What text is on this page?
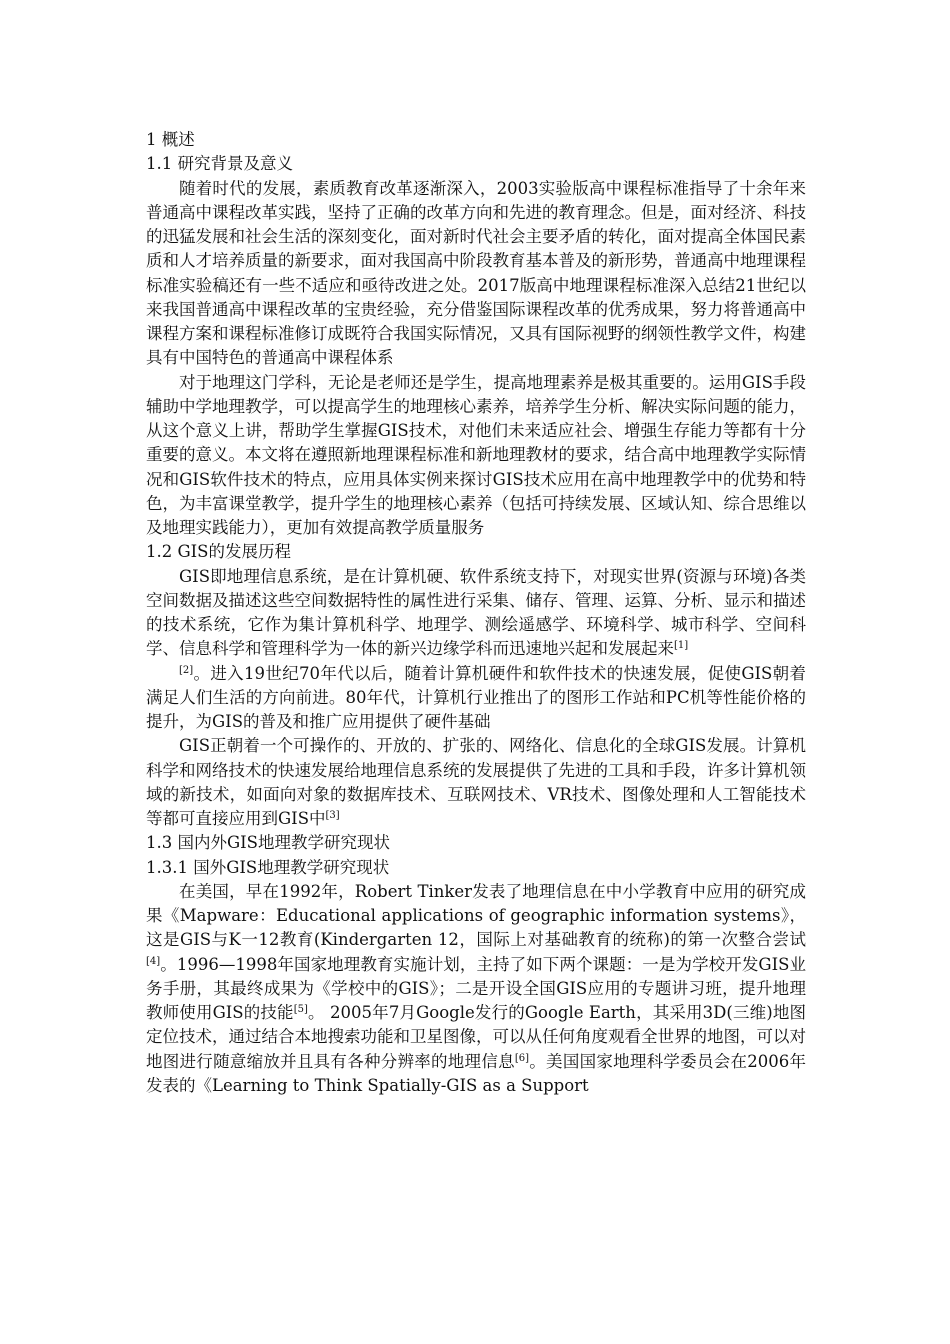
1 概述
1.1 研究背景及意义

随着时代的发展，素质教育改革逐渐深入，2003实验版高中课程标准指导了十余年来普通高中课程改革实践，坚持了正确的改革方向和先进的教育理念。但是，面对经济、科技的迅猛发展和社会生活的深刻变化，面对新时代社会主要矛盾的转化，面对提高全体国民素质和人才培养质量的新要求，面对我国高中阶段教育基本普及的新形势，普通高中地理课程标准实验稿还有一些不适应和亟待改进之处。2017版高中地理课程标准深入总结21世纪以来我国普通高中课程改革的宝贵经验，充分借鉴国际课程改革的优秀成果，努力将普通高中课程方案和课程标准修订成既符合我国实际情况，又具有国际视野的纲领性教学文件，构建具有中国特色的普通高中课程体系

对于地理这门学科，无论是老师还是学生，提高地理素养是极其重要的。运用GIS手段辅助中学地理教学，可以提高学生的地理核心素养，培养学生分析、解决实际问题的能力，从这个意义上讲，帮助学生掌握GIS技术，对他们未来适应社会、增强生存能力等都有十分重要的意义。本文将在遵照新地理课程标准和新地理教材的要求，结合高中地理教学实际情况和GIS软件技术的特点，应用具体实例来探讨GIS技术应用在高中地理教学中的优势和特色，为丰富课堂教学，提升学生的地理核心素养（包括可持续发展、区域认知、综合思维以及地理实践能力），更加有效提高教学质量服务

1.2 GIS的发展历程

GIS即地理信息系统，是在计算机硬、软件系统支持下，对现实世界(资源与环境)各类空间数据及描述这些空间数据特性的属性进行采集、储存、管理、运算、分析、显示和描述的技术系统，它作为集计算机科学、地理学、测绘遥感学、环境科学、城市科学、空间科学、信息科学和管理科学为一体的新兴边缘学科而迅速地兴起和发展起来[1]

[2]。进入19世纪70年代以后，随着计算机硬件和软件技术的快速发展，促使GIS朝着满足人们生活的方向前进。80年代，计算机行业推出了的图形工作站和PC机等性能价格的提升，为GIS的普及和推广应用提供了硬件基础

GIS正朝着一个可操作的、开放的、扩张的、网络化、信息化的全球GIS发展。计算机科学和网络技术的快速发展给地理信息系统的发展提供了先进的工具和手段，许多计算机领域的新技术，如面向对象的数据库技术、互联网技术、VR技术、图像处理和人工智能技术等都可直接应用到GIS中[3]

1.3 国内外GIS地理教学研究现状
1.3.1 国外GIS地理教学研究现状

在美国，早在1992年，Robert Tinker发表了地理信息在中小学教育中应用的研究成果《Mapware：Educational applications of geographic information systems》，这是GIS与K一12教育(Kindergarten 12，国际上对基础教育的统称)的第一次整合尝试[4]。1996—1998年国家地理教育实施计划，主持了如下两个课题：一是为学校开发GIS业务手册，其最终成果为《学校中的GIS》；二是开设全国GIS应用的专题讲习班，提升地理教师使用GIS的技能[5]。 2005年7月Google发行的Google Earth，其采用3D(三维)地图定位技术，通过结合本地搜索功能和卫星图像，可以从任何角度观看全世界的地图，可以对地图进行随意缩放并且具有各种分辨率的地理信息[6]。美国国家地理科学委员会在2006年发表的《Learning to Think Spatially-GIS as a Support
